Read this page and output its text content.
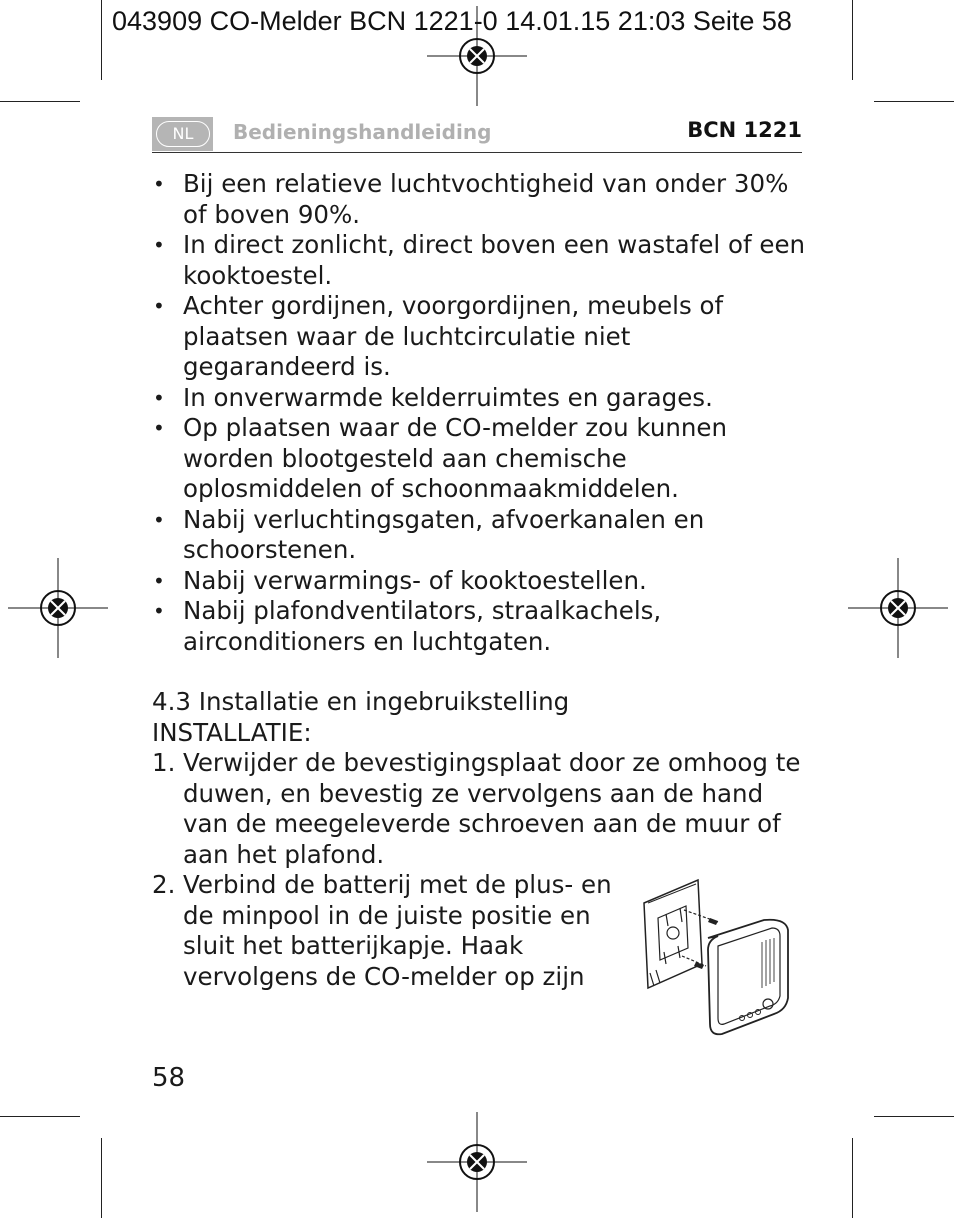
043909 CO-Melder BCN 1221-0 14.01.15 21:03 Seite 58
NL	Bedieningshandleiding	BCN 1221
• Bij een relatieve luchtvochtigheid van onder 30% of boven 90%.
• In direct zonlicht, direct boven een wastafel of een kooktoestel.
• Achter gordijnen, voorgordijnen, meubels of plaatsen waar de luchtcirculatie niet gegarandeerd is.
• In onverwarmde kelderruimtes en garages.
• Op plaatsen waar de CO-melder zou kunnen worden blootgesteld aan chemische oplosmiddelen of schoonmaakmiddelen.
• Nabij verluchtingsgaten, afvoerkanalen en schoorstenen.
• Nabij verwarmings- of kooktoestellen.
• Nabij plafondventilators, straalkachels, airconditioners en luchtgaten.
4.3 Installatie en ingebruikstelling
INSTALLATIE:
1. Verwijder de bevestigingsplaat door ze omhoog te duwen, en bevestig ze vervolgens aan de hand van de meegeleverde schroeven aan de muur of aan het plafond.
2. Verbind de batterij met de plus- en de minpool in de juiste positie en sluit het batterijkapje. Haak vervolgens de CO-melder op zijn
58
